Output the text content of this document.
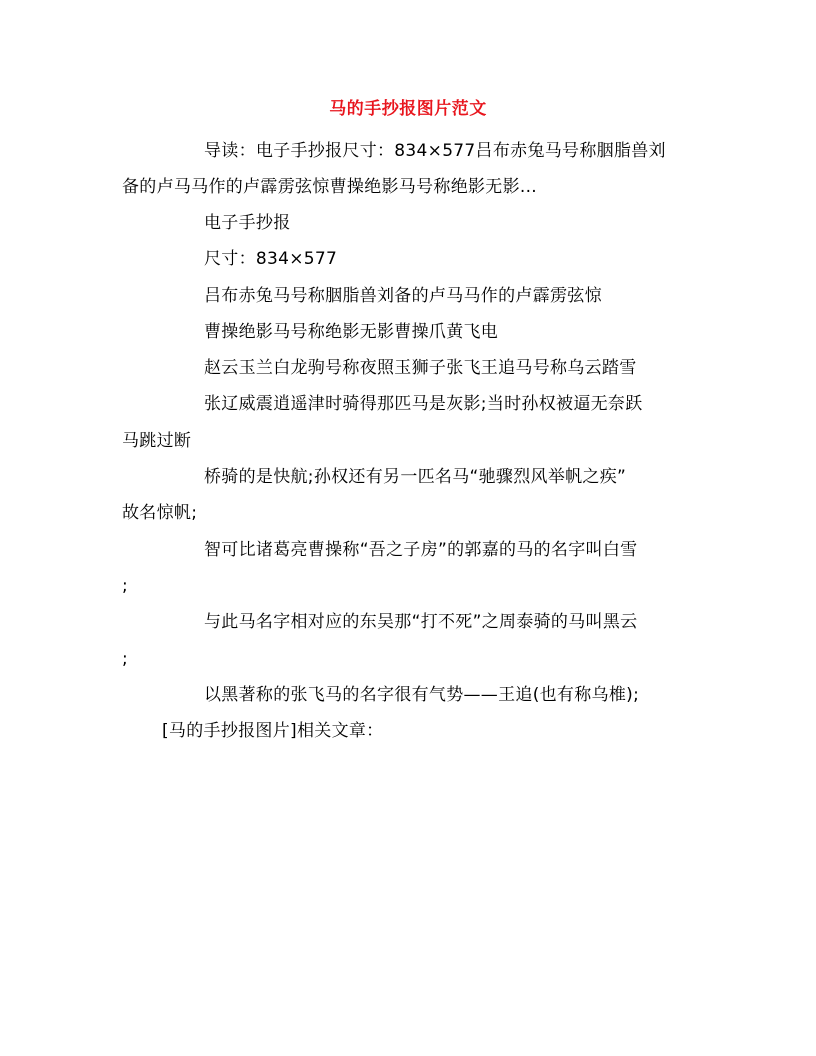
马的手抄报图片范文
导读：电子手抄报尺寸：834×577吕布赤兔马号称胭脂兽刘
备的卢马马作的卢霹雳弦惊曹操绝影马号称绝影无影...
电子手抄报
尺寸：834×577
吕布赤兔马号称胭脂兽刘备的卢马马作的卢霹雳弦惊
曹操绝影马号称绝影无影曹操爪黄飞电
赵云玉兰白龙驹号称夜照玉狮子张飞王追马号称乌云踏雪
张辽威震逍遥津时骑得那匹马是灰影;当时孙权被逼无奈跃
马跳过断
桥骑的是快航;孙权还有另一匹名马“驰骤烈风举帆之疾”
故名惊帆;
智可比诸葛亮曹操称“吾之子房”的郭嘉的马的名字叫白雪
;
与此马名字相对应的东吴那“打不死”之周泰骑的马叫黑云
;
以黑著称的张飞马的名字很有气势——王追(也有称乌椎);
[马的手抄报图片]相关文章：
